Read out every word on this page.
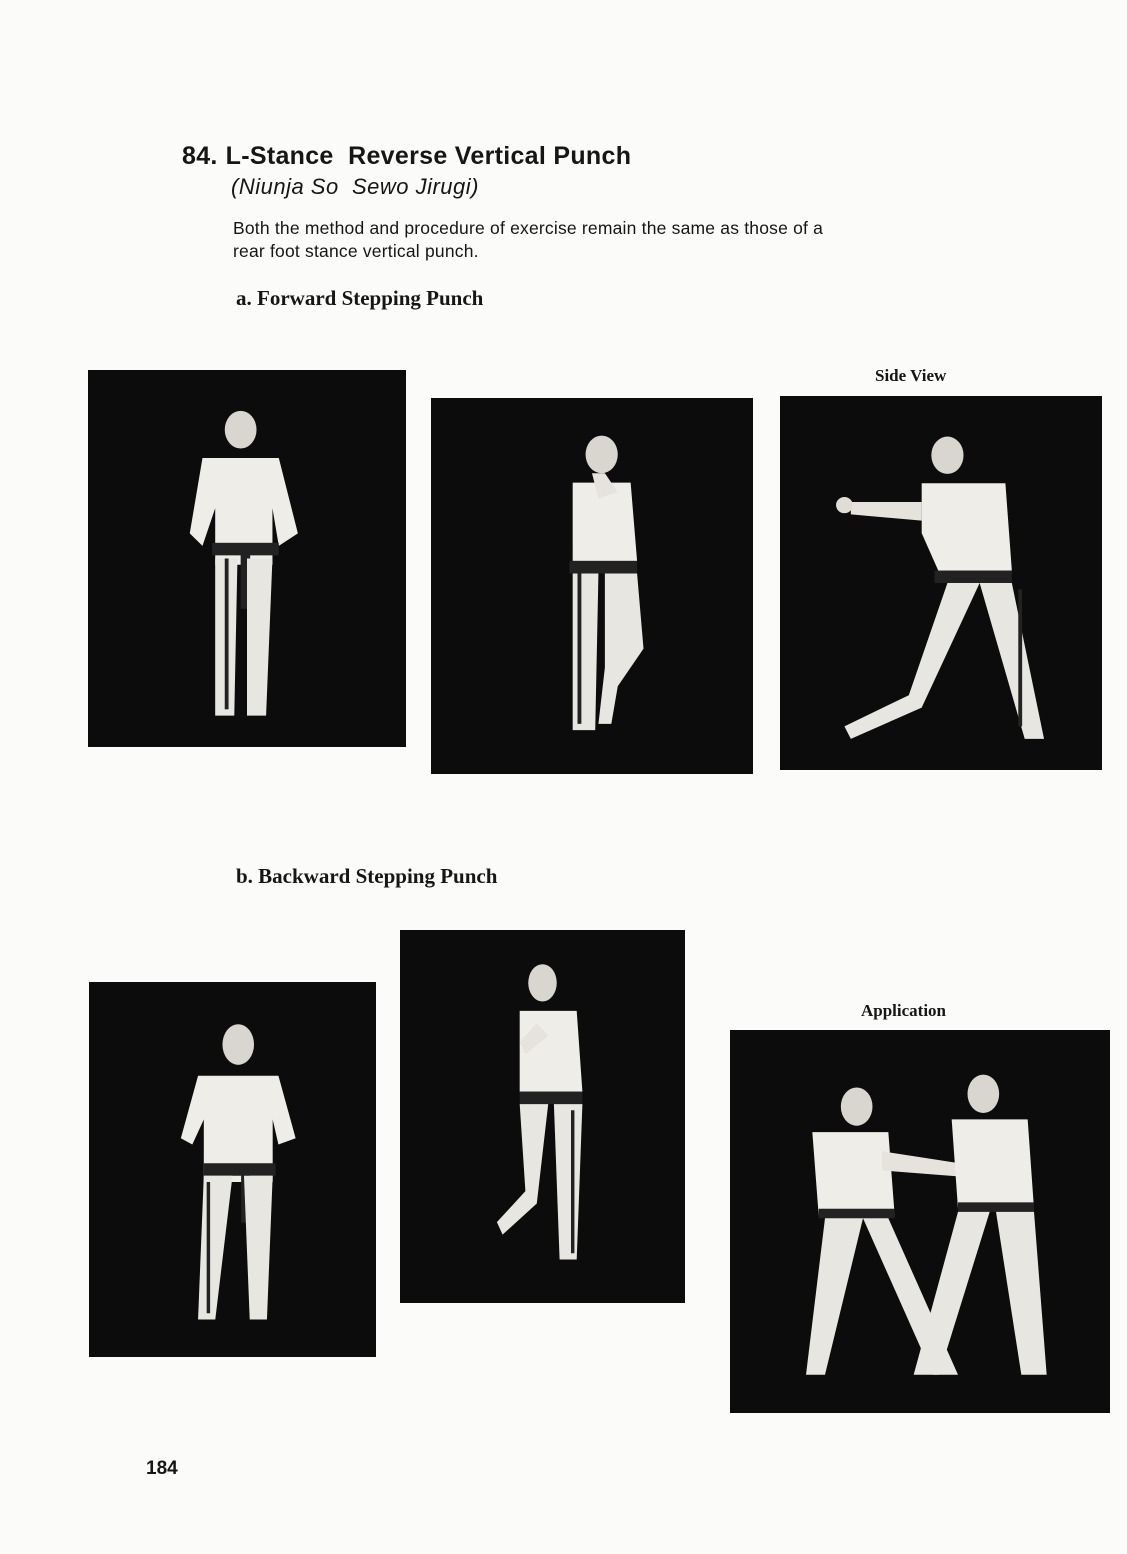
84. L-Stance  Reverse Vertical Punch
(Niunja So  Sewo Jirugi)
Both the method and procedure of exercise remain the same as those of a rear foot stance vertical punch.
a. Forward Stepping Punch
Side View
b. Backward Stepping Punch
Application
184
